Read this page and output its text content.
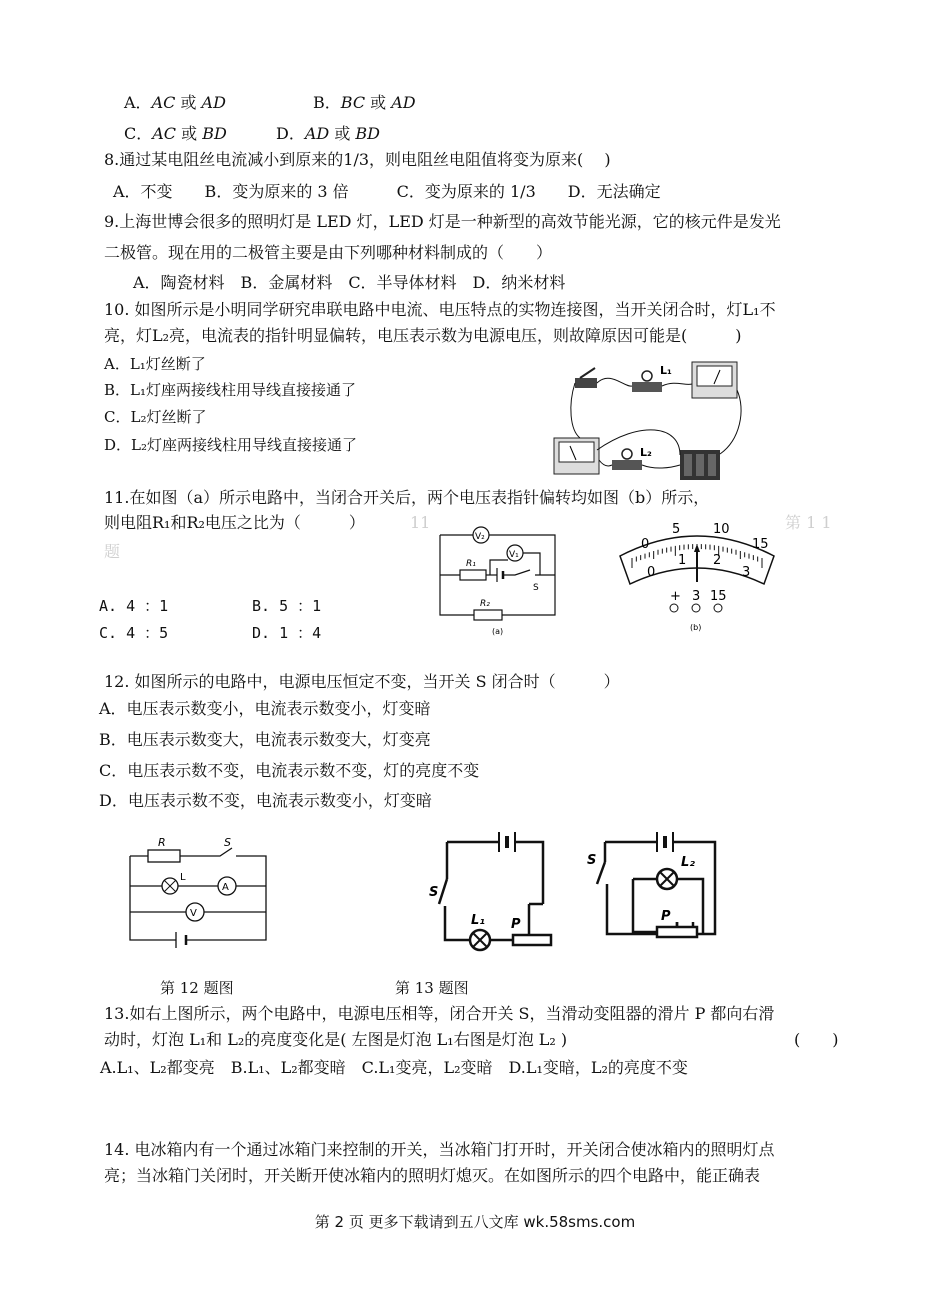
A．AC 或 AD	B．BC 或 AD
C．AC 或 BD	D．AD 或 BD
8.通过某电阻丝电流减小到原来的1/3，则电阻丝电阻值将变为原来(　 )
A．不变　　B．变为原来的 3 倍　　　C．变为原来的 1/3　　D．无法确定
9.上海世博会很多的照明灯是 LED 灯，LED 灯是一种新型的高效节能光源，它的核元件是发光
二极管。现在用的二极管主要是由下列哪种材料制成的（　　）
A．陶瓷材料　B．金属材料　C．半导体材料　D．纳米材料
10. 如图所示是小明同学研究串联电路中电流、电压特点的实物连接图，当开关闭合时，灯L₁不
亮，灯L₂亮，电流表的指针明显偏转，电压表示数为电源电压，则故障原因可能是(　　　)
A．L₁灯丝断了
B．L₁灯座两接线柱用导线直接接通了
C．L₂灯丝断了
D．L₂灯座两接线柱用导线直接接通了
L₁
L₂
11.在如图（a）所示电路中，当闭合开关后，两个电压表指针偏转均如图（b）所示，
则电阻R₁和R₂电压之比为（　　　）	11	第 1 1
题
A. 4 ：1	B. 5 ：1
C. 4 ：5	D. 1 ：4
V₂
V₁
R₁
S
R₂
(a)
0
5	10
15
0
1 2
3
+ 3 15
(b)
12. 如图所示的电路中，电源电压恒定不变，当开关 S 闭合时（　　　）
A．电压表示数变小，电流表示数变小，灯变暗
B．电压表示数变大，电流表示数变大，灯变亮
C．电压表示数不变，电流表示数不变，灯的亮度不变
D．电压表示数不变，电流表示数变小，灯变暗
R	S
L
A
V
S
L₁ P
S	L₂
P
第 12 题图	第 13 题图
13.如右上图所示，两个电路中，电源电压相等，闭合开关 S，当滑动变阻器的滑片 P 都向右滑
动时，灯泡 L₁和 L₂的亮度变化是( 左图是灯泡 L₁右图是灯泡 L₂ )	(　　)
A.L₁、L₂都变亮　B.L₁、L₂都变暗　C.L₁变亮，L₂变暗　D.L₁变暗，L₂的亮度不变
14. 电冰箱内有一个通过冰箱门来控制的开关，当冰箱门打开时，开关闭合使冰箱内的照明灯点
亮；当冰箱门关闭时，开关断开使冰箱内的照明灯熄灭。在如图所示的四个电路中，能正确表
第 2 页 更多下载请到五八文库 wk.58sms.com
